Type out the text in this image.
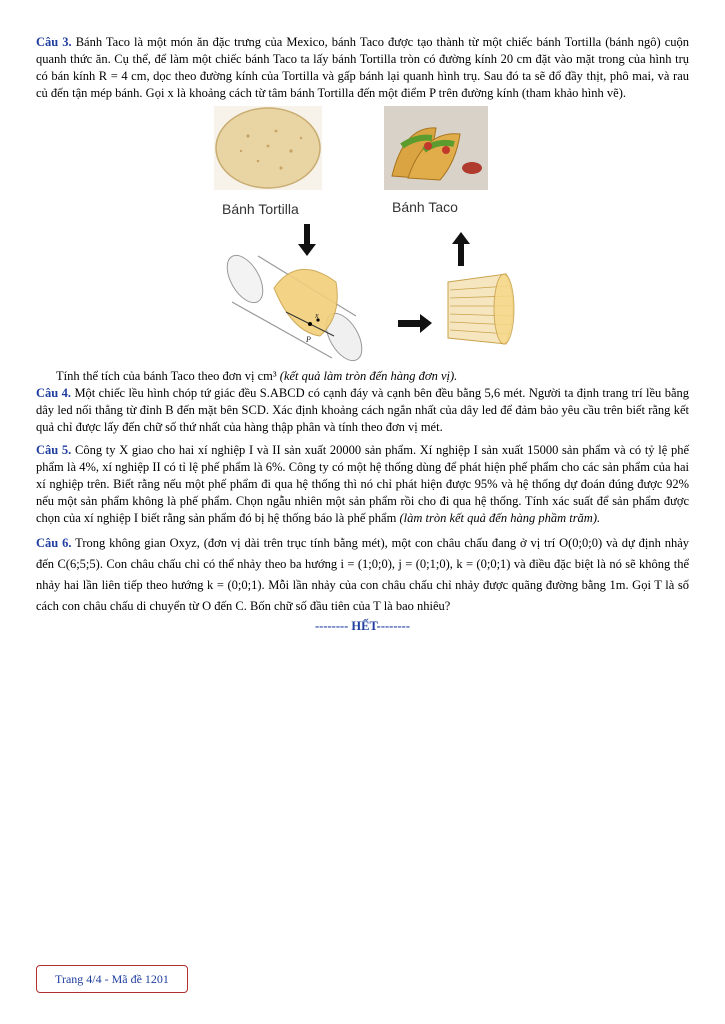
Câu 3. Bánh Taco là một món ăn đặc trưng của Mexico, bánh Taco được tạo thành từ một chiếc bánh Tortilla (bánh ngô) cuộn quanh thức ăn. Cụ thể, để làm một chiếc bánh Taco ta lấy bánh Tortilla tròn có đường kính 20 cm đặt vào mặt trong của hình trụ có bán kính R = 4 cm, dọc theo đường kính của Tortilla và gấp bánh lại quanh hình trụ. Sau đó ta sẽ đổ đầy thịt, phô mai, và rau củ đến tận mép bánh. Gọi x là khoảng cách từ tâm bánh Tortilla đến một điểm P trên đường kính (tham khảo hình vẽ).

Bánh Tortilla	Bánh Taco
x
P

Tính thể tích của bánh Taco theo đơn vị cm³ (kết quả làm tròn đến hàng đơn vị).

Câu 4. Một chiếc lều hình chóp tứ giác đều S.ABCD có cạnh đáy và cạnh bên đều bằng 5,6 mét. Người ta định trang trí lều bằng dây led nối thẳng từ đỉnh B đến mặt bên SCD. Xác định khoảng cách ngắn nhất của dây led để đảm bảo yêu cầu trên biết rằng kết quả chỉ được lấy đến chữ số thứ nhất của hàng thập phân và tính theo đơn vị mét.

Câu 5. Công ty X giao cho hai xí nghiệp I và II sản xuất 20000 sản phẩm. Xí nghiệp I sản xuất 15000 sản phẩm và có tỷ lệ phế phẩm là 4%, xí nghiệp II có tỉ lệ phế phẩm là 6%. Công ty có một hệ thống dùng để phát hiện phế phẩm cho các sản phẩm của hai xí nghiệp trên. Biết rằng nếu một phế phẩm đi qua hệ thống thì nó chỉ phát hiện được 95% và hệ thống dự đoán đúng được 92% nếu một sản phẩm không là phế phẩm. Chọn ngẫu nhiên một sản phẩm rồi cho đi qua hệ thống. Tính xác suất để sản phẩm được chọn của xí nghiệp I biết rằng sản phẩm đó bị hệ thống báo là phế phẩm (làm tròn kết quả đến hàng phầm trăm).

Câu 6. Trong không gian Oxyz, (đơn vị dài trên trục tính bằng mét), một con châu chấu đang ở vị trí O(0;0;0) và dự định nhảy đến C(6;5;5). Con châu chấu chỉ có thể nhảy theo ba hướng i = (1;0;0), j = (0;1;0), k = (0;0;1) và điều đặc biệt là nó sẽ không thể nhảy hai lần liên tiếp theo hướng k = (0;0;1). Mỗi lần nhảy của con châu chấu chỉ nhảy được quãng đường bằng 1m. Gọi T là số cách con châu chấu di chuyển từ O đến C. Bốn chữ số đầu tiên của T là bao nhiêu?

-------- HẾT--------
Trang 4/4 - Mã đề 1201
